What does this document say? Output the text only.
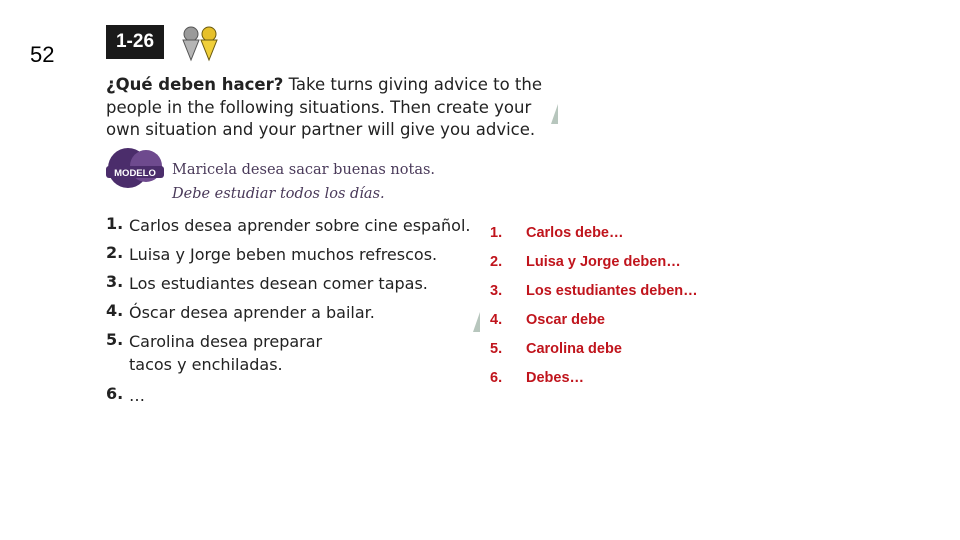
52
1-26
¿Qué deben hacer? Take turns giving advice to the people in the following situations. Then create your own situation and your partner will give you advice.
MODELO Maricela desea sacar buenas notas.
Debe estudiar todos los días.
1. Carlos desea aprender sobre cine español.
2. Luisa y Jorge beben muchos refrescos.
3. Los estudiantes desean comer tapas.
4. Óscar desea aprender a bailar.
5. Carolina desea preparar
tacos y enchiladas.
6. …
1.	Carlos debe…
2.	Luisa y Jorge deben…
3.	Los estudiantes deben…
4.	Oscar debe
5.	Carolina debe
6.	Debes…
